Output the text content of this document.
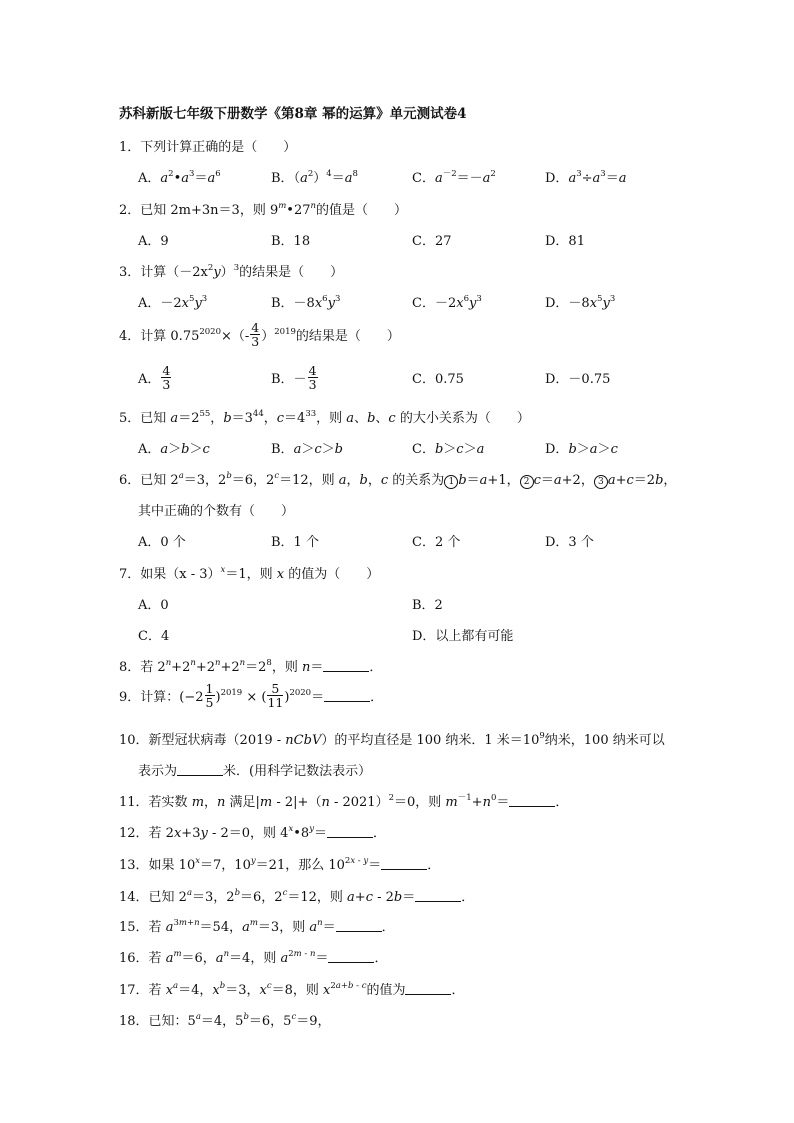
苏科新版七年级下册数学《第8章 幂的运算》单元测试卷4
1．下列计算正确的是（　　）
A．$a^2•a^3=a^6$	B．$(a^2)^4=a^8$	C．$a^{-2}=-a^2$	D．$a^3\div a^3=a$
2．已知 2m+3n＝3，则 9$^m$•27$^n$的值是（　　）
A．9	B．18	C．27	D．81
3．计算$(-2x^2y)^3$的结果是（　　）
A．$-2x^5y^3$	B．$-8x^6y^3$	C．$-2x^6y^3$	D．$-8x^5y^3$
4．计算 $0.75^{2020}\times(- \frac{4}{3} )^{2019}$的结果是（　　）
A． $\frac{4}{3}$	B．－ $\frac{4}{3}$	C．0.75	D．－0.75
5．已知 $a=2^{55}$，$b=3^{44}$，$c=4^{33}$，则 a、b、c 的大小关系为（　　）
A．a＞b＞c	B．a＞c＞b	C．b＞c＞a	D．b＞a＞c
6．已知 $2^a=3$，$2^b=6$，$2^c=12$，则 a，b，c 的关系为 1 b＝a+1， 2 c＝a+2， 3 a+c＝2b，
其中正确的个数有（　　）
A．0 个	B．1 个	C．2 个	D．3 个
7．如果（x - 3）$^x$＝1，则 x 的值为（　　）
A．0	B．2
C．4	D．以上都有可能
8．若 $2^n+2^n+2^n+2^n=2^8$，则 n＝	．
9．计算：$(-2 \frac{1}{5} )^{2019}$ × ( $\frac{5}{11} )^{2020}=$	．
10．新型冠状病毒（2019 - nCbV）的平均直径是 100 纳米．1 米$=10^9$纳米，100 纳米可以
表示为	米．(用科学记数法表示）
11．若实数 m，n 满足|m - 2|+（n - 2021）$^2$＝0，则 $m^{-1}+n^0=$	．
12．若 2x+3y - 2＝0，则 $4^x•8^y=$	．
13．如果 $10^x=7$，$10^y=21$，那么 $10^{2x - y}=$	．
14．已知 $2^a=3$，$2^b=6$，$2^c=12$，则 a+c - 2b＝	．
15．若 $a^{3m+n}=54$，$a^m=3$，则 $a^n=$	．
16．若 $a^m=6$，$a^n=4$，则 $a^{2m - n}=$	．
17．若 $x^a=4$，$x^b=3$，$x^c=8$，则 $x^{2a+b - c}$的值为	．
18．已知：$5^a=4$，$5^b=6$，$5^c=9$，
